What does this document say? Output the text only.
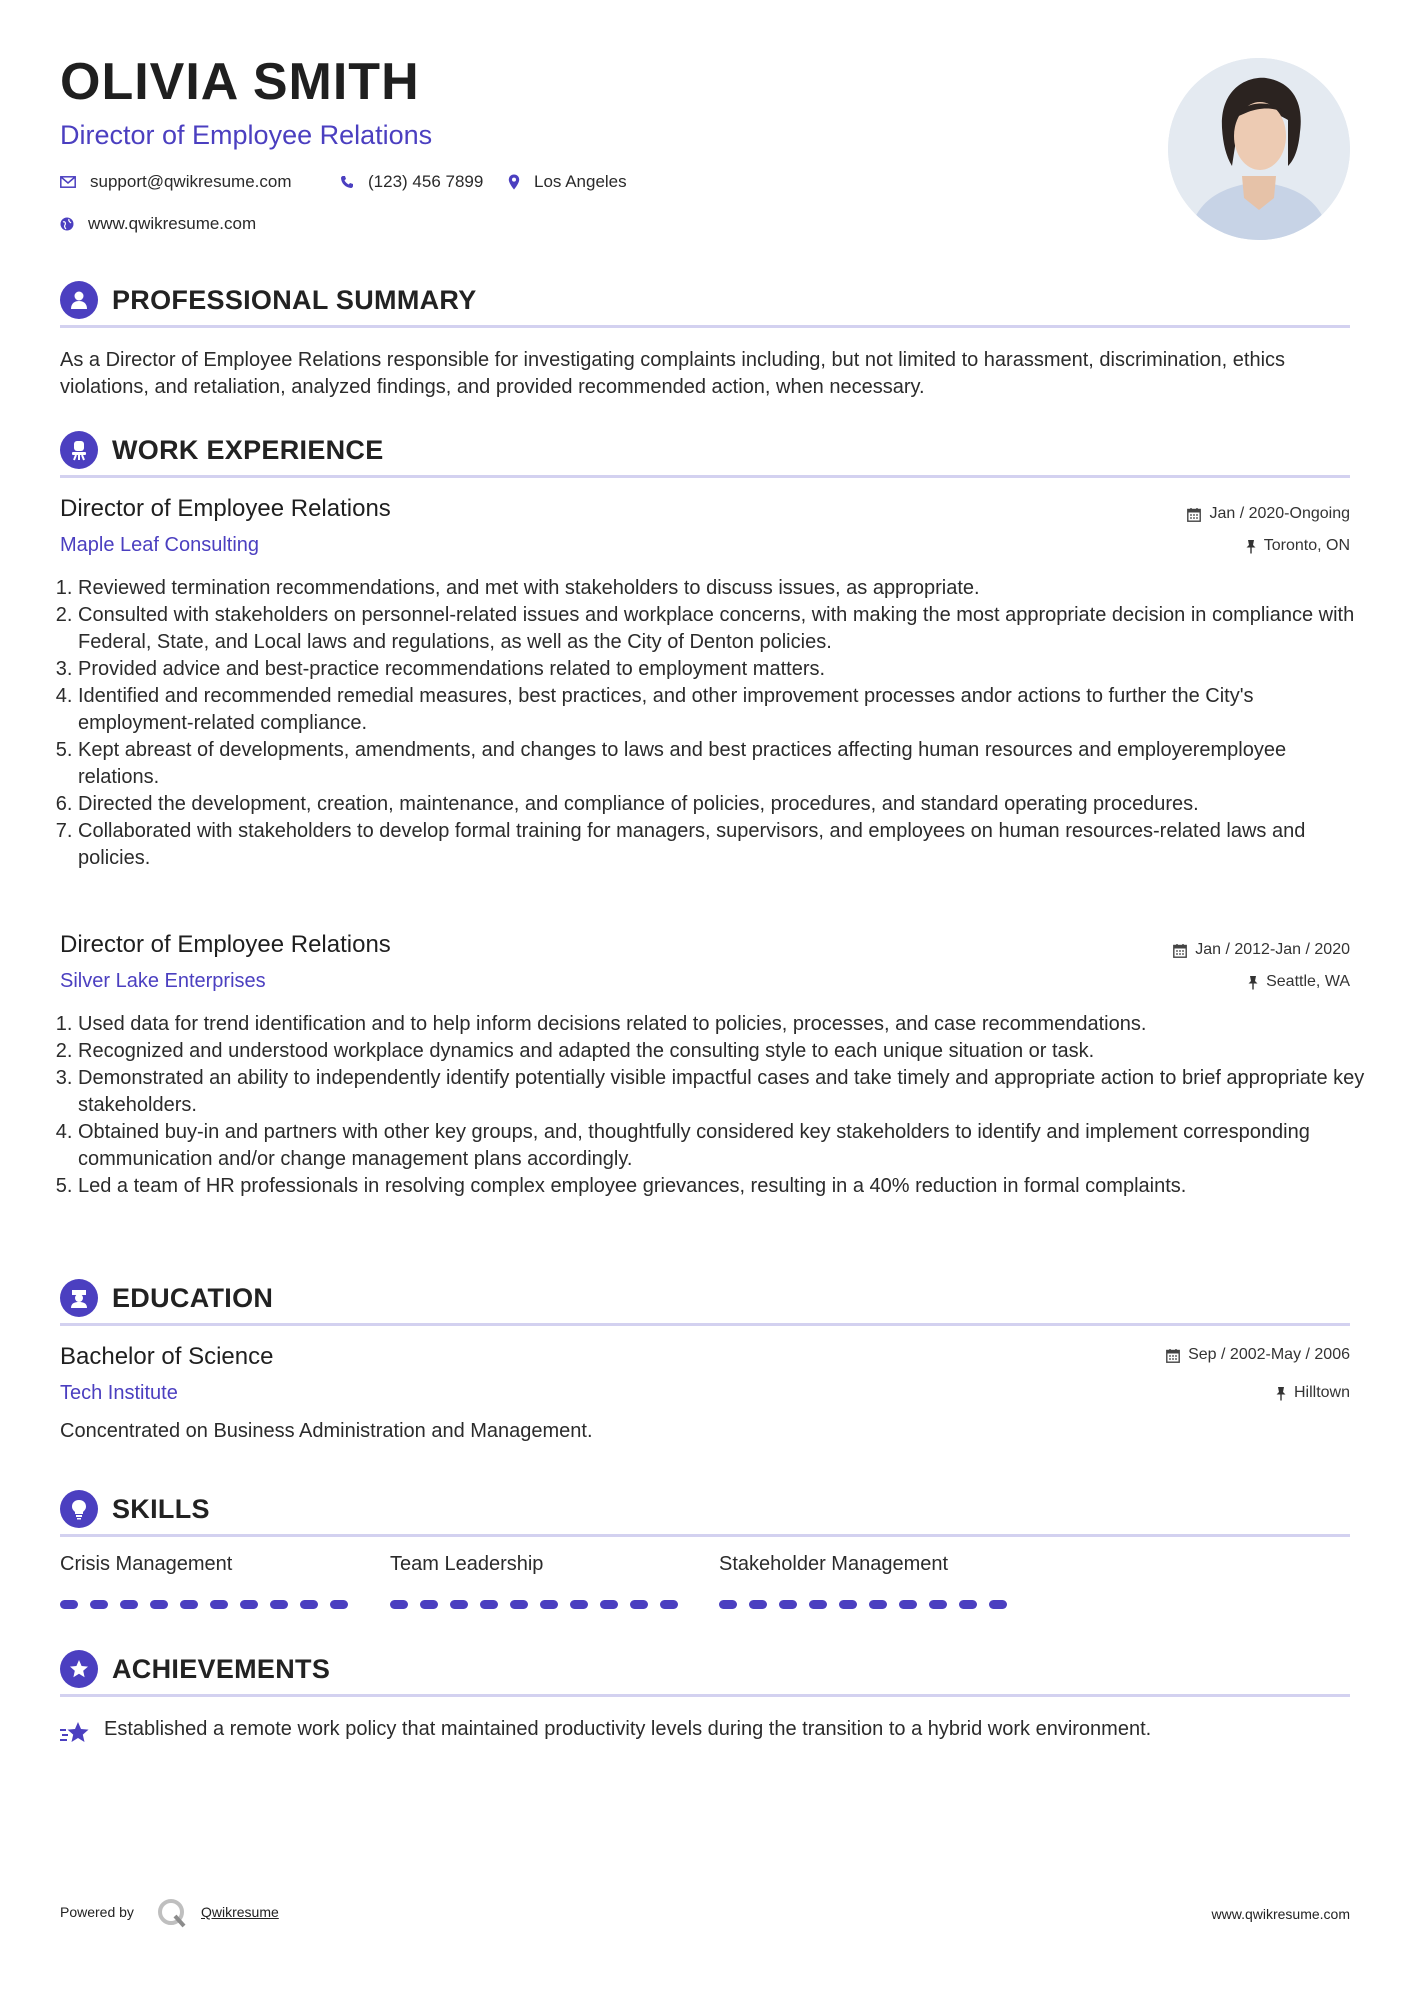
OLIVIA SMITH
Director of Employee Relations
support@qwikresume.com	(123) 456 7899	Los Angeles
www.qwikresume.com
PROFESSIONAL SUMMARY
As a Director of Employee Relations responsible for investigating complaints including, but not limited to harassment, discrimination, ethics violations, and retaliation, analyzed findings, and provided recommended action, when necessary.
WORK EXPERIENCE
Director of Employee Relations	Jan / 2020-Ongoing
Maple Leaf Consulting	Toronto, ON
1. Reviewed termination recommendations, and met with stakeholders to discuss issues, as appropriate.
2. Consulted with stakeholders on personnel-related issues and workplace concerns, with making the most appropriate decision in compliance with Federal, State, and Local laws and regulations, as well as the City of Denton policies.
3. Provided advice and best-practice recommendations related to employment matters.
4. Identified and recommended remedial measures, best practices, and other improvement processes andor actions to further the City's employment-related compliance.
5. Kept abreast of developments, amendments, and changes to laws and best practices affecting human resources and employeremployee relations.
6. Directed the development, creation, maintenance, and compliance of policies, procedures, and standard operating procedures.
7. Collaborated with stakeholders to develop formal training for managers, supervisors, and employees on human resources-related laws and policies.
Director of Employee Relations	Jan / 2012-Jan / 2020
Silver Lake Enterprises	Seattle, WA
1. Used data for trend identification and to help inform decisions related to policies, processes, and case recommendations.
2. Recognized and understood workplace dynamics and adapted the consulting style to each unique situation or task.
3. Demonstrated an ability to independently identify potentially visible impactful cases and take timely and appropriate action to brief appropriate key stakeholders.
4. Obtained buy-in and partners with other key groups, and, thoughtfully considered key stakeholders to identify and implement corresponding communication and/or change management plans accordingly.
5. Led a team of HR professionals in resolving complex employee grievances, resulting in a 40% reduction in formal complaints.
EDUCATION
Bachelor of Science	Sep / 2002-May / 2006
Tech Institute	Hilltown
Concentrated on Business Administration and Management.
SKILLS
Crisis Management	Team Leadership	Stakeholder Management
ACHIEVEMENTS
Established a remote work policy that maintained productivity levels during the transition to a hybrid work environment.
Powered by	Qwikresume	www.qwikresume.com
